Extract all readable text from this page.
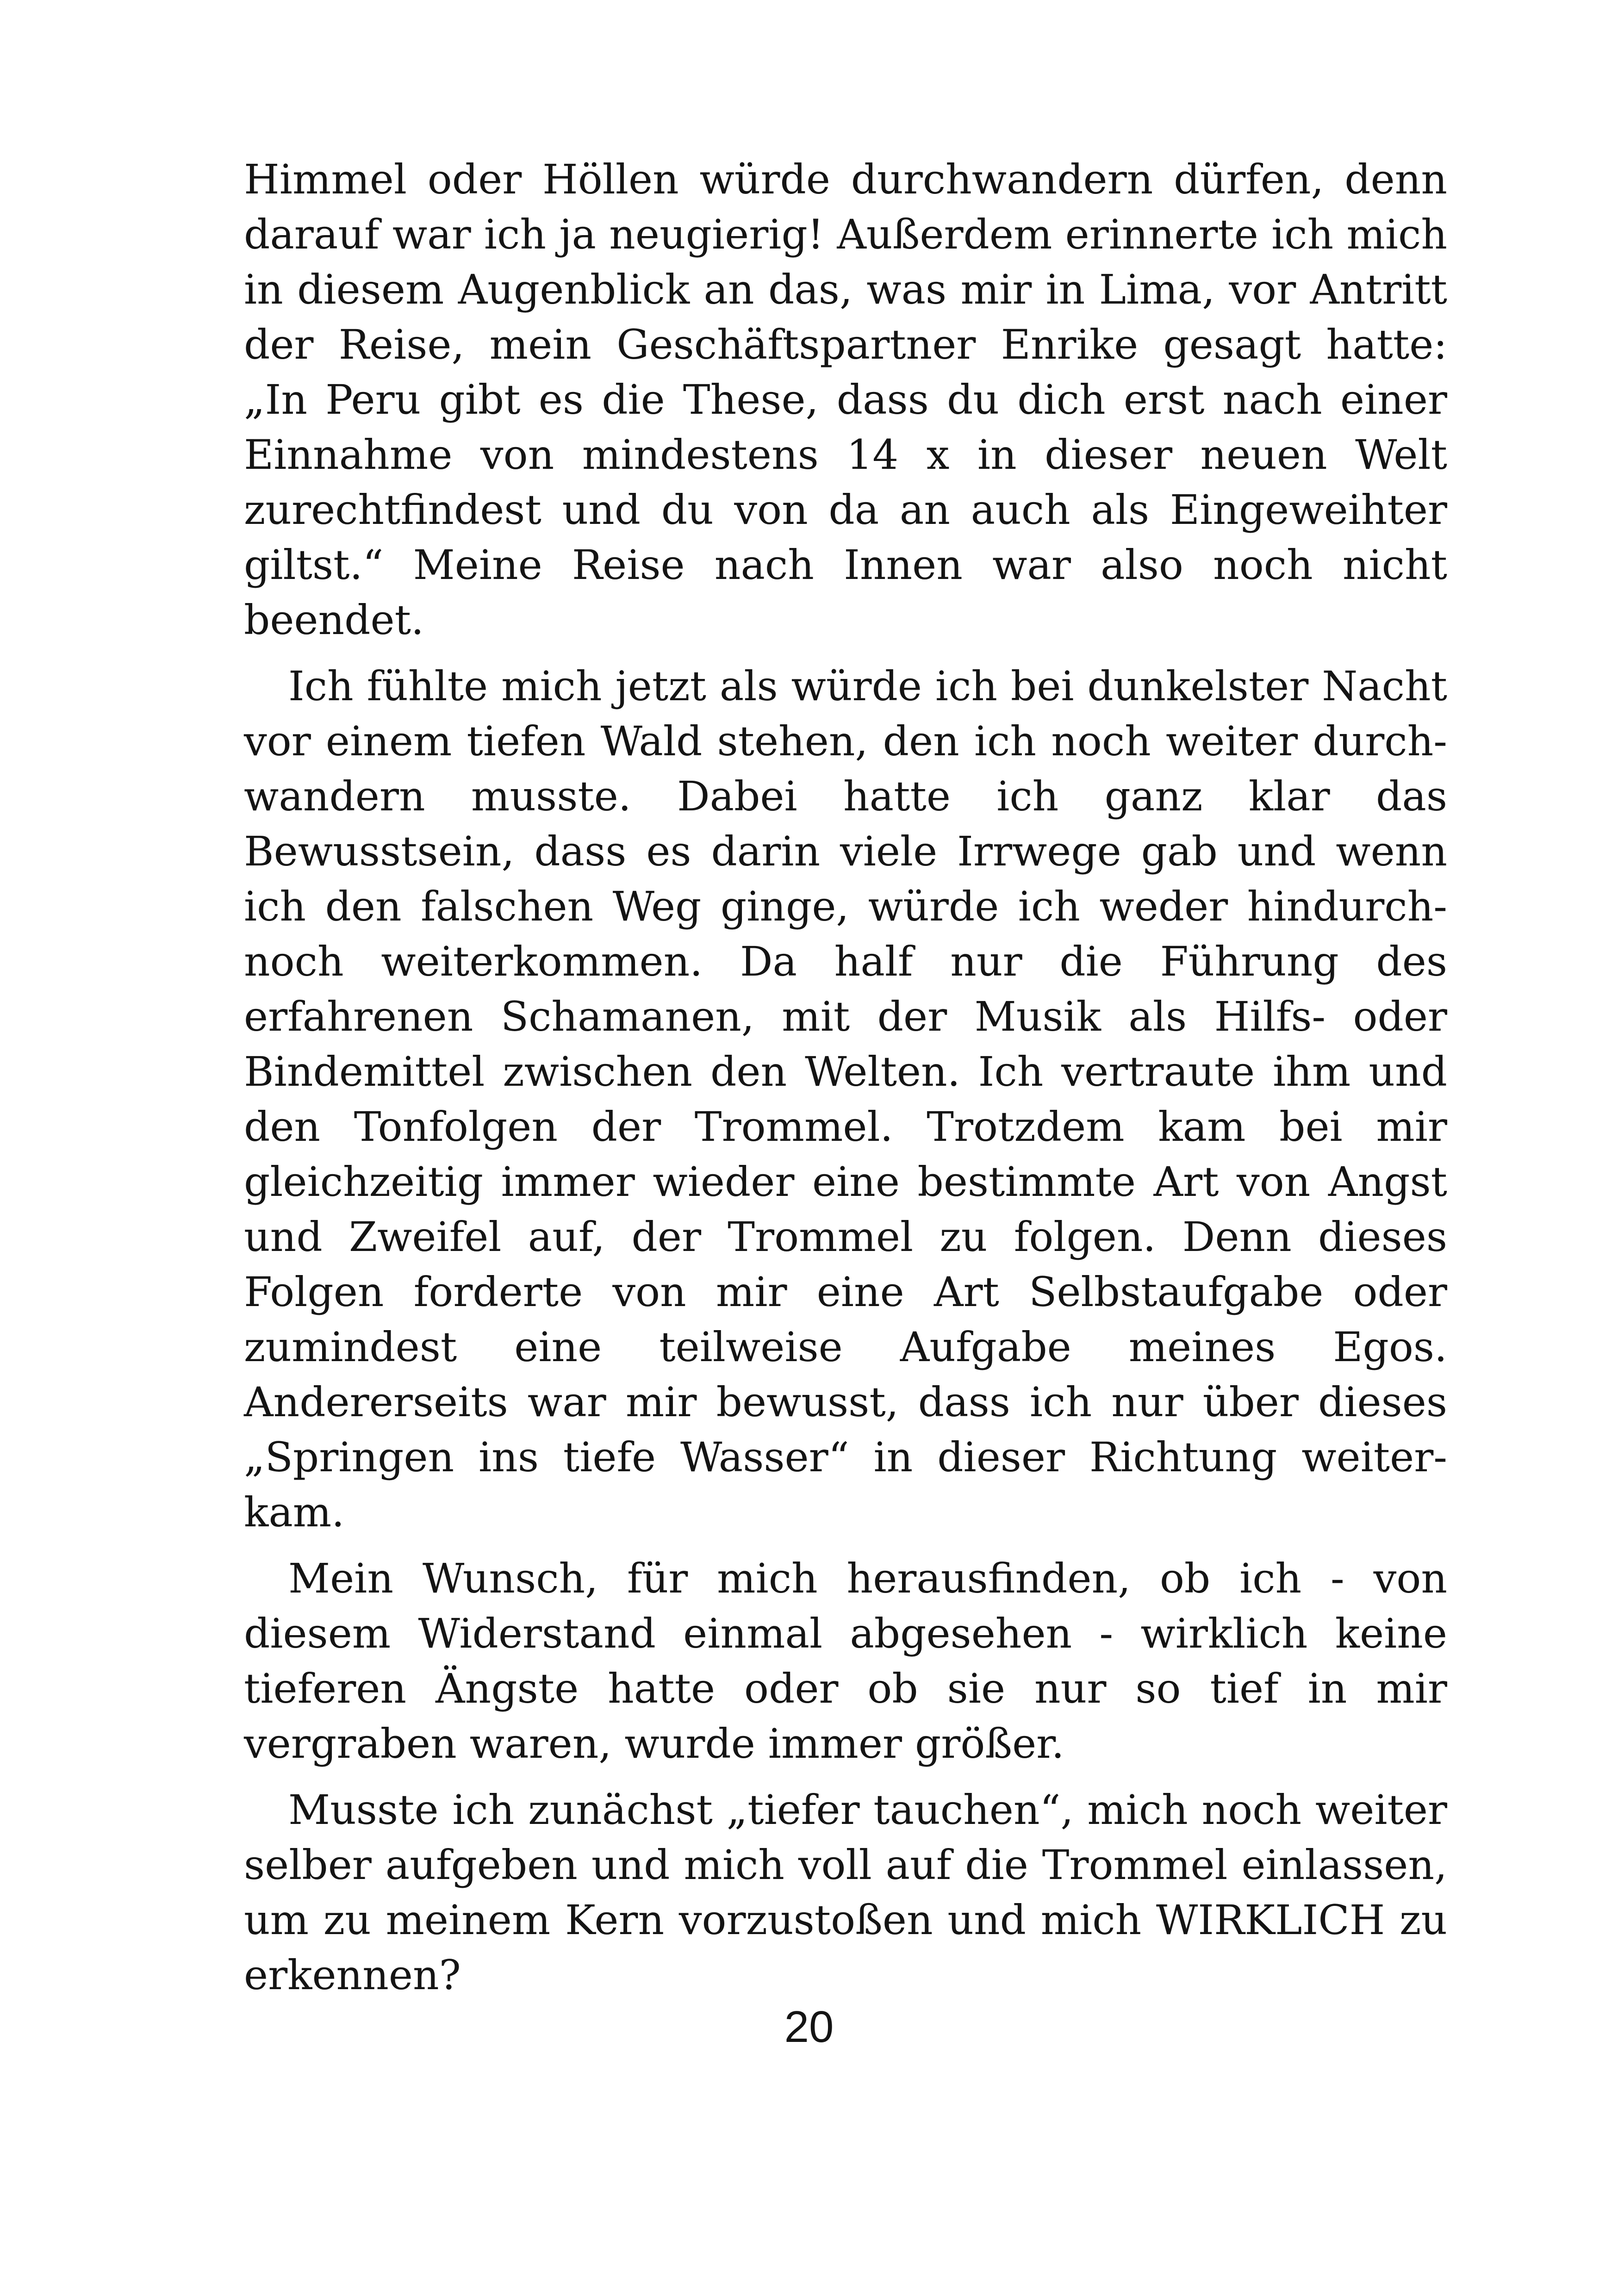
Himmel oder Höllen würde durchwandern dürfen, denn darauf war ich ja neugierig! Außerdem erinnerte ich mich in diesem Augenblick an das, was mir in Lima, vor Antritt der Reise, mein Geschäftspartner Enrike gesagt hatte: „In Peru gibt es die These, dass du dich erst nach einer Einnahme von mindestens 14 x in dieser neuen Welt zurechtfindest und du von da an auch als Eingeweihter giltst.“ Meine Reise nach Innen war also noch nicht beendet.

Ich fühlte mich jetzt als würde ich bei dunkelster Nacht vor einem tiefen Wald stehen, den ich noch weiter durchwandern musste. Dabei hatte ich ganz klar das Bewusstsein, dass es darin viele Irrwege gab und wenn ich den falschen Weg ginge, würde ich weder hindurch- noch weiterkommen. Da half nur die Führung des erfahrenen Schamanen, mit der Musik als Hilfs- oder Bindemittel zwischen den Welten. Ich vertraute ihm und den Tonfolgen der Trommel. Trotzdem kam bei mir gleichzeitig immer wieder eine bestimmte Art von Angst und Zweifel auf, der Trommel zu folgen. Denn dieses Folgen forderte von mir eine Art Selbstaufgabe oder zumindest eine teilweise Aufgabe meines Egos. Andererseits war mir bewusst, dass ich nur über dieses „Springen ins tiefe Wasser“ in dieser Richtung weiterkam.

Mein Wunsch, für mich herausfinden, ob ich - von diesem Widerstand einmal abgesehen - wirklich keine tieferen Ängste hatte oder ob sie nur so tief in mir vergraben waren, wurde immer größer.

Musste ich zunächst „tiefer tauchen“, mich noch weiter selber aufgeben und mich voll auf die Trommel einlassen, um zu meinem Kern vorzustoßen und mich WIRKLICH zu erkennen?

20
